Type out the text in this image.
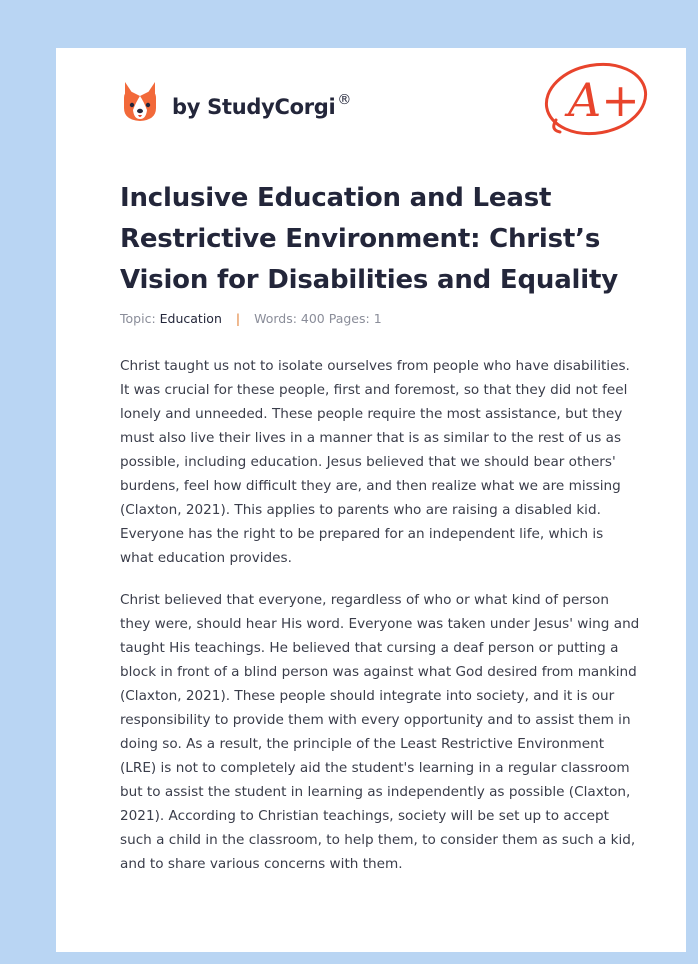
by StudyCorgi ®	A+
Inclusive Education and Least Restrictive Environment: Christ’s Vision for Disabilities and Equality
Topic: Education | Words: 400 Pages: 1

Christ taught us not to isolate ourselves from people who have disabilities. It was crucial for these people, first and foremost, so that they did not feel lonely and unneeded. These people require the most assistance, but they must also live their lives in a manner that is as similar to the rest of us as possible, including education. Jesus believed that we should bear others' burdens, feel how difficult they are, and then realize what we are missing (Claxton, 2021). This applies to parents who are raising a disabled kid. Everyone has the right to be prepared for an independent life, which is what education provides.

Christ believed that everyone, regardless of who or what kind of person they were, should hear His word. Everyone was taken under Jesus' wing and taught His teachings. He believed that cursing a deaf person or putting a block in front of a blind person was against what God desired from mankind (Claxton, 2021). These people should integrate into society, and it is our responsibility to provide them with every opportunity and to assist them in doing so. As a result, the principle of the Least Restrictive Environment (LRE) is not to completely aid the student's learning in a regular classroom but to assist the student in learning as independently as possible (Claxton, 2021). According to Christian teachings, society will be set up to accept such a child in the classroom, to help them, to consider them as such a kid, and to share various concerns with them.
